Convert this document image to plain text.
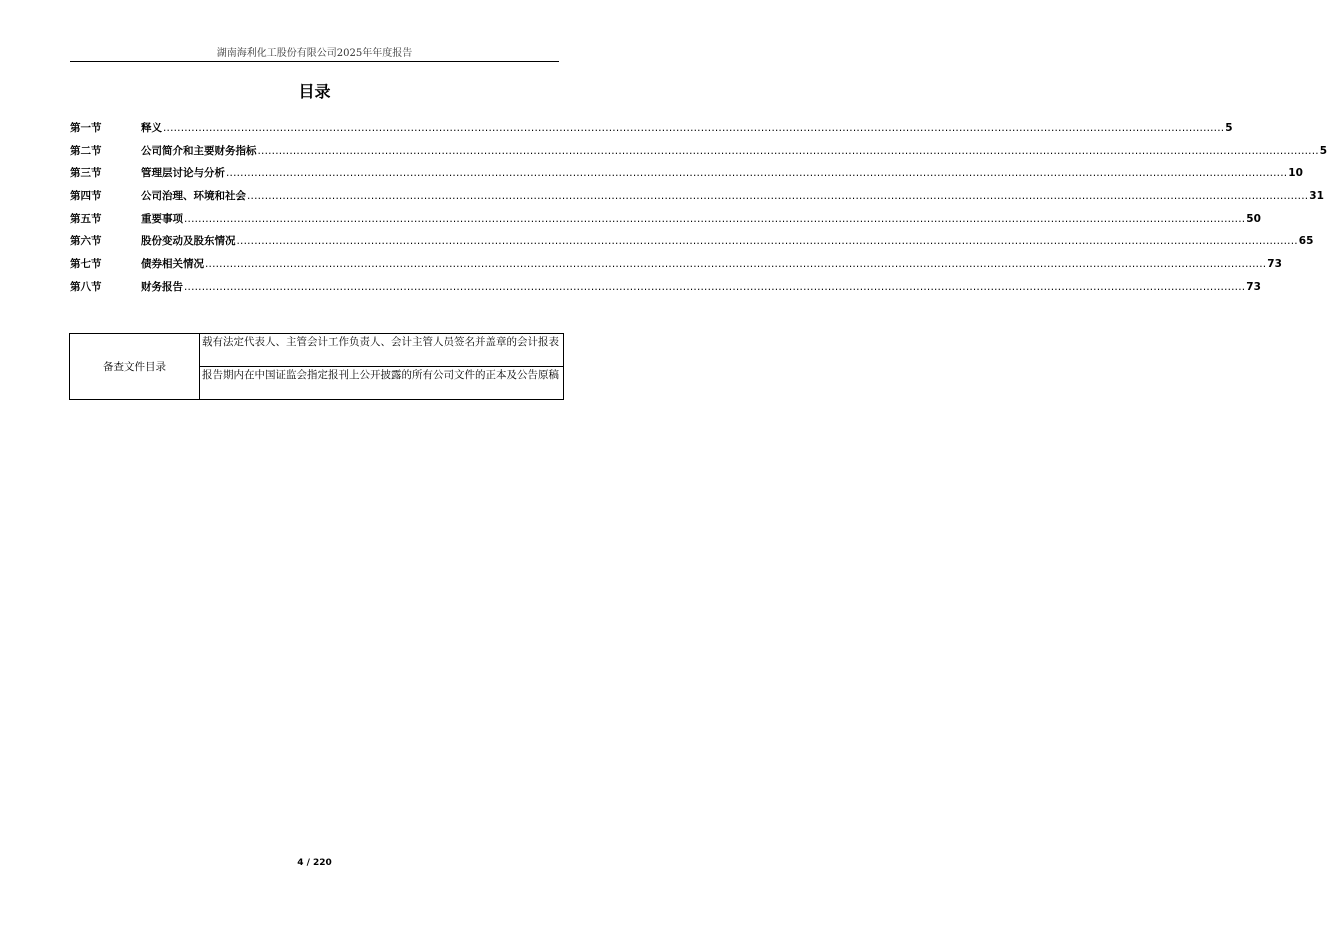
湖南海利化工股份有限公司2025年年度报告
目录
第一节	释义 ............................................................................................................................................................................................................................................................................................................ 5
第二节	公司简介和主要财务指标 ............................................................................................................................................................................................................................................................................................................ 5
第三节	管理层讨论与分析 ............................................................................................................................................................................................................................................................................................................ 10
第四节	公司治理、环境和社会 ............................................................................................................................................................................................................................................................................................................ 31
第五节	重要事项 ............................................................................................................................................................................................................................................................................................................ 50
第六节	股份变动及股东情况 ............................................................................................................................................................................................................................................................................................................ 65
第七节	债券相关情况 ............................................................................................................................................................................................................................................................................................................ 73
第八节	财务报告 ............................................................................................................................................................................................................................................................................................................ 73
备查文件目录	载有法定代表人、主管会计工作负责人、会计主管人员签名并盖章的会计报表
报告期内在中国证监会指定报刊上公开披露的所有公司文件的正本及公告原稿
4 / 220
